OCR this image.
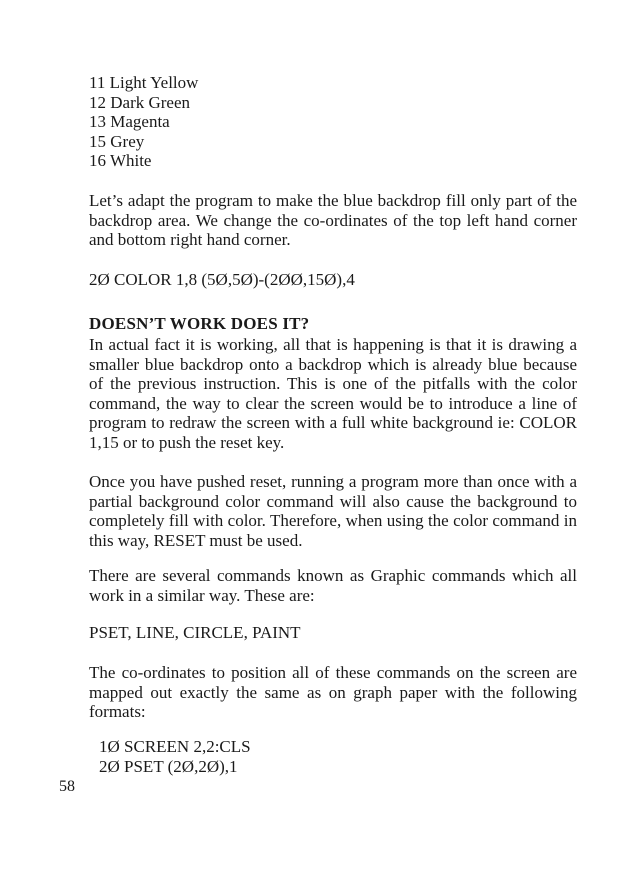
11 Light Yellow
12 Dark Green
13 Magenta
15 Grey
16 White

Let’s adapt the program to make the blue backdrop fill only part of the backdrop area. We change the co-ordinates of the top left hand corner and bottom right hand corner.

2Ø COLOR 1,8 (5Ø,5Ø)-(2ØØ,15Ø),4

DOESN’T WORK DOES IT?

In actual fact it is working, all that is happening is that it is drawing a smaller blue backdrop onto a backdrop which is already blue because of the previous instruction. This is one of the pitfalls with the color command, the way to clear the screen would be to introduce a line of program to redraw the screen with a full white background ie: COLOR 1,15 or to push the reset key.

Once you have pushed reset, running a program more than once with a partial background color command will also cause the background to completely fill with color. Therefore, when using the color command in this way, RESET must be used.

There are several commands known as Graphic commands which all work in a similar way. These are:

PSET, LINE, CIRCLE, PAINT

The co-ordinates to position all of these commands on the screen are mapped out exactly the same as on graph paper with the following formats:

1Ø SCREEN 2,2:CLS
2Ø PSET (2Ø,2Ø),1

58
